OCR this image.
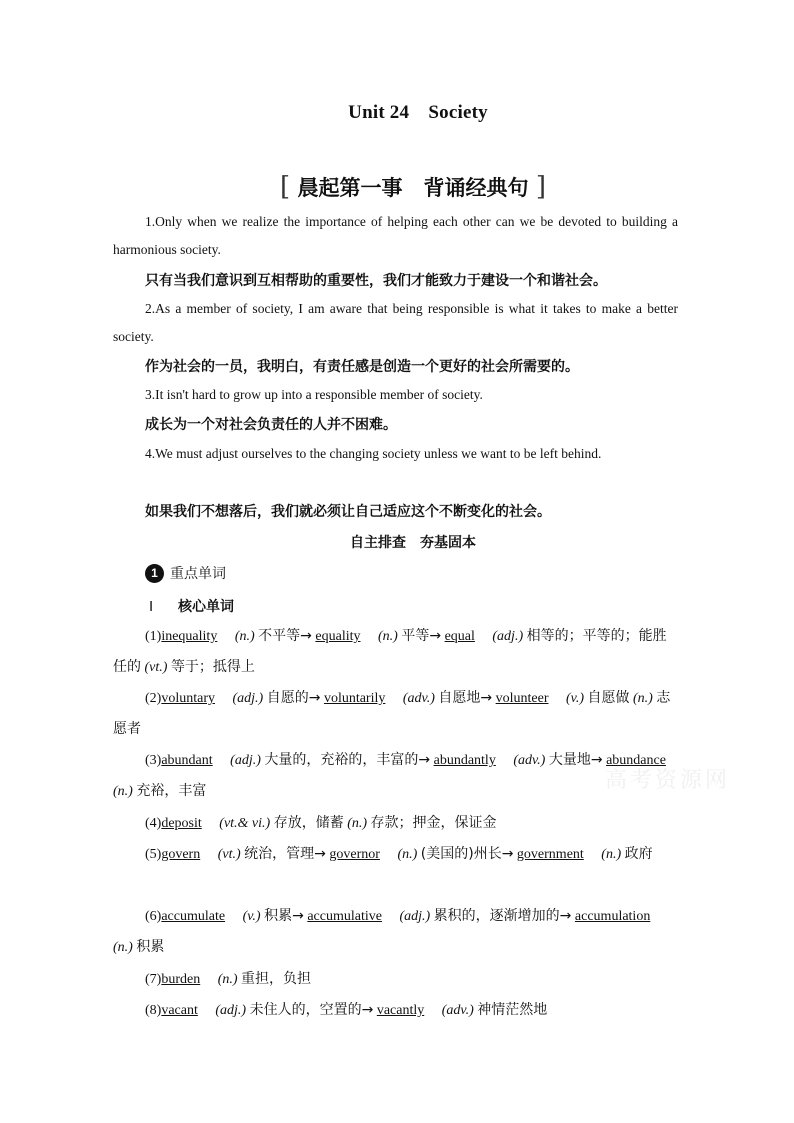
Unit 24　Society
[ 晨起第一事　背诵经典句 ]
1.Only when we realize the importance of helping each other can we be devoted to building a harmonious society.
只有当我们意识到互相帮助的重要性，我们才能致力于建设一个和谐社会。
2.As a member of society, I am aware that being responsible is what it takes to make a better society.
作为社会的一员，我明白，有责任感是创造一个更好的社会所需要的。
3.It isn't hard to grow up into a responsible member of society.
成长为一个对社会负责任的人并不困难。
4.We must adjust ourselves to the changing society unless we want to be left behind.
如果我们不想落后，我们就必须让自己适应这个不断变化的社会。
自主排查　夯基固本
1 重点单词
Ⅰ 核心单词
高考资源网
(1)inequality (n.) 不平等→ equality (n.) 平等→ equal (adj.) 相等的；平等的；能胜任的 (vt.) 等于；抵得上
(2)voluntary (adj.) 自愿的→ voluntarily (adv.) 自愿地→ volunteer (v.) 自愿做 (n.) 志愿者
(3)abundant (adj.) 大量的，充裕的，丰富的→ abundantly (adv.) 大量地→ abundance (n.) 充裕，丰富
(4)deposit (vt.& vi.) 存放，储蓄 (n.) 存款；押金，保证金
(5)govern (vt.) 统治，管理→ governor (n.) (美国的)州长→ government (n.) 政府
(6)accumulate (v.) 积累→ accumulative (adj.) 累积的，逐渐增加的→ accumulation (n.) 积累
(7)burden (n.) 重担，负担
(8)vacant (adj.) 未住人的，空置的→ vacantly (adv.) 神情茫然地
